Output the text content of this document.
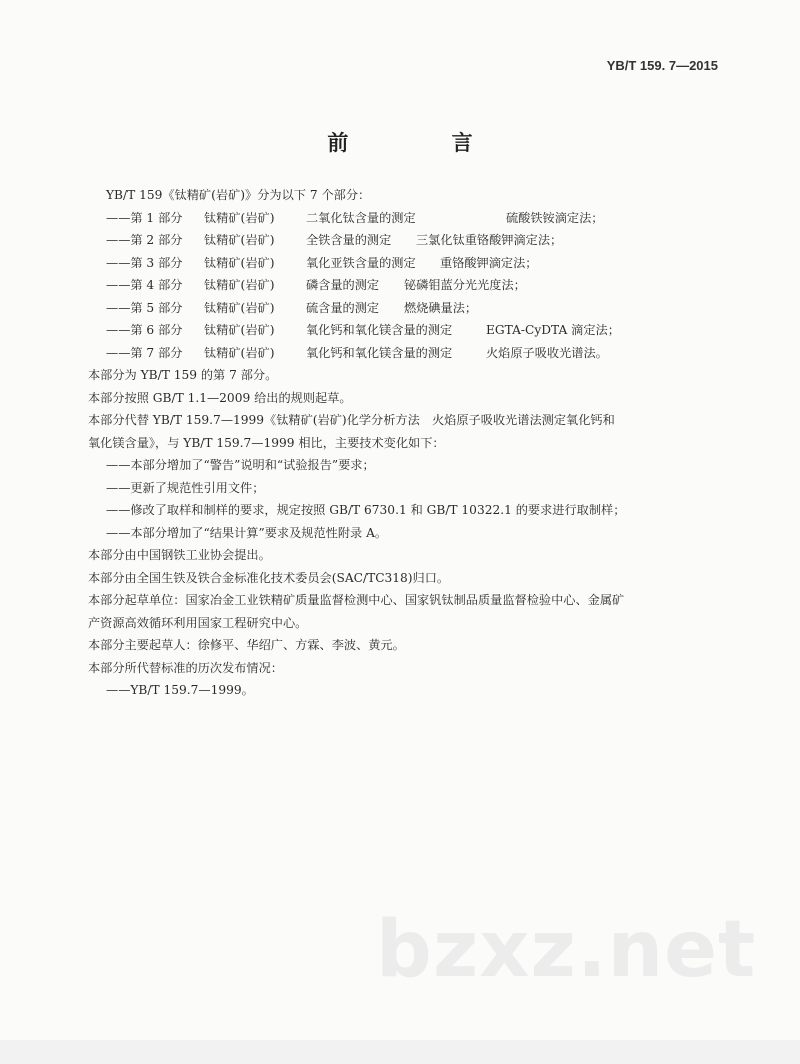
YB/T 159. 7—2015
前 言
YB/T 159《钛精矿(岩矿)》分为以下 7 个部分：
——第 1 部分 钛精矿(岩矿)	二氧化钛含量的测定	硫酸铁铵滴定法；
——第 2 部分 钛精矿(岩矿)	全铁含量的测定 三氯化钛重铬酸钾滴定法；
——第 3 部分 钛精矿(岩矿)	氧化亚铁含量的测定 重铬酸钾滴定法；
——第 4 部分 钛精矿(岩矿)	磷含量的测定 铋磷钼蓝分光光度法；
——第 5 部分 钛精矿(岩矿)	硫含量的测定 燃烧碘量法；
——第 6 部分 钛精矿(岩矿)	氧化钙和氧化镁含量的测定	EGTA-CyDTA 滴定法；
——第 7 部分 钛精矿(岩矿)	氧化钙和氧化镁含量的测定	火焰原子吸收光谱法。
本部分为 YB/T 159 的第 7 部分。
本部分按照 GB/T 1.1—2009 给出的规则起草。
本部分代替 YB/T 159.7—1999《钛精矿(岩矿)化学分析方法　火焰原子吸收光谱法测定氧化钙和
氧化镁含量》，与 YB/T 159.7—1999 相比，主要技术变化如下：
——本部分增加了“警告”说明和“试验报告”要求；
——更新了规范性引用文件；
——修改了取样和制样的要求，规定按照 GB/T 6730.1 和 GB/T 10322.1 的要求进行取制样；
——本部分增加了“结果计算”要求及规范性附录 A。
本部分由中国钢铁工业协会提出。
本部分由全国生铁及铁合金标准化技术委员会(SAC/TC318)归口。
本部分起草单位：国家冶金工业铁精矿质量监督检测中心、国家钒钛制品质量监督检验中心、金属矿
产资源高效循环利用国家工程研究中心。
本部分主要起草人：徐修平、华绍广、方霖、李波、黄元。
本部分所代替标准的历次发布情况：
——YB/T 159.7—1999。
bzxz.net
